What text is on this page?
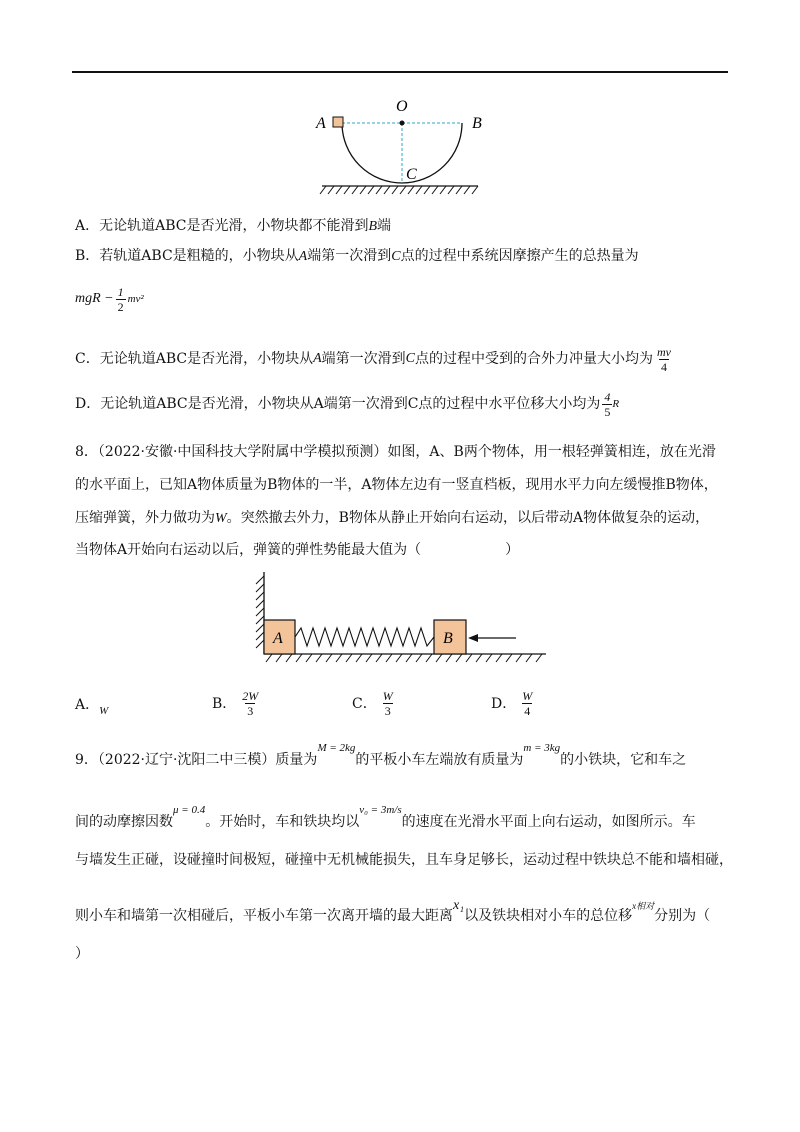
A
O
B
C
A．无论轨道ABC是否光滑，小物块都不能滑到B端
B．若轨道ABC是粗糙的，小物块从A端第一次滑到C点的过程中系统因摩擦产生的总热量为
mgR − $\frac{1}{2} mv^2$
C．无论轨道ABC是否光滑，小物块从 A 端第一次滑到 C 点的过程中受到的合外力冲量大小均为 $\frac{mv}{4}$
D．无论轨道ABC是否光滑，小物块从A端第一次滑到C点的过程中水平位移大小均为 $\frac{4}{5}$ R
8．（2022·安徽·中国科技大学附属中学模拟预测）如图，A、B两个物体，用一根轻弹簧相连，放在光滑
的水平面上，已知A物体质量为B物体的一半，A物体左边有一竖直档板，现用水平力向左缓慢推B物体，
压缩弹簧，外力做功为W。突然撤去外力，B物体从静止开始向右运动，以后带动A物体做复杂的运动，
当物体A开始向右运动以后，弹簧的弹性势能最大值为（　　　　　　）
A	B
A． W	B． $\frac{2W}{3}$	C． $\frac{W}{3}$	D． $\frac{W}{4}$
9．（2022·辽宁·沈阳二中三模）质量为
M = 2kg
的平板小车左端放有质量为
m = 3kg
的小铁块，它和车之
间的动摩擦因数
μ = 0.4
。开始时，车和铁块均以
v₀ = 3m/s
的速度在光滑水平面上向右运动，如图所示。车
与墙发生正碰，设碰撞时间极短，碰撞中无机械能损失，且车身足够长，运动过程中铁块总不能和墙相碰，
则小车和墙第一次相碰后，平板小车第一次离开墙的最大距离
x₁
以及铁块相对小车的总位移
x相对
分别为（
）
